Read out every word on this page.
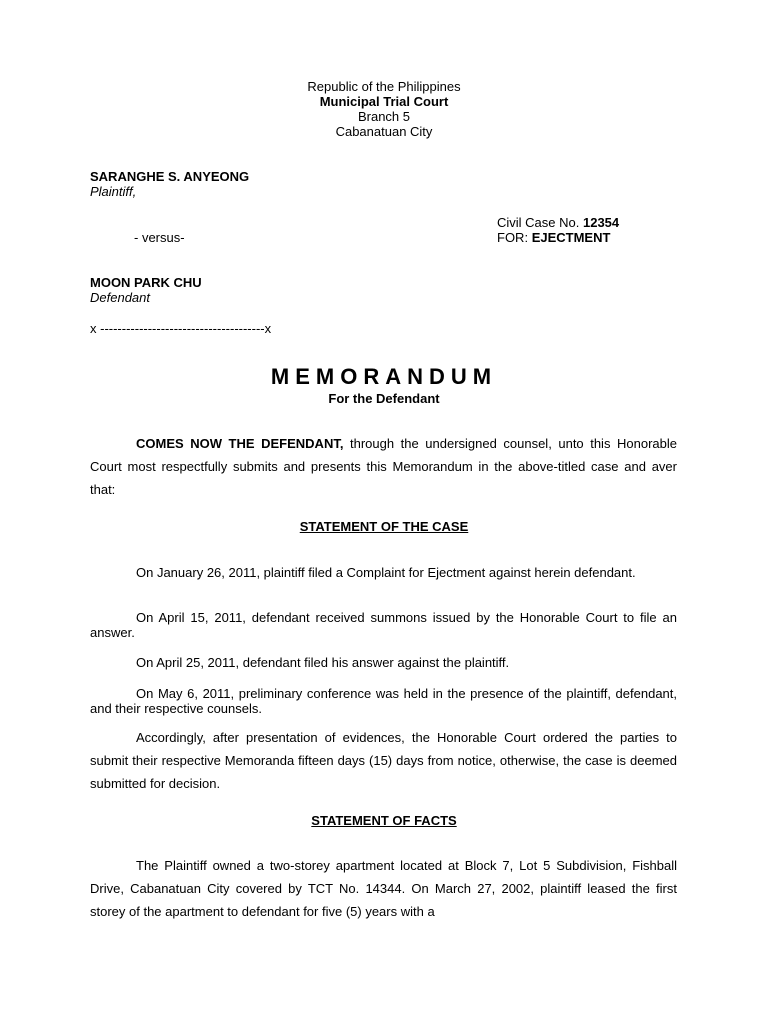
Republic of the Philippines
Municipal Trial Court
Branch 5
Cabanatuan City
SARANGHE S. ANYEONG
Plaintiff,
Civil Case No. 12354
- versus-	FOR: EJECTMENT
MOON PARK CHU
Defendant
x --------------------------------------x
MEMORANDUM
For the Defendant

COMES NOW THE DEFENDANT, through the undersigned counsel, unto this Honorable Court most respectfully submits and presents this Memorandum in the above-titled case and aver that:

STATEMENT OF THE CASE

On January 26, 2011, plaintiff filed a Complaint for Ejectment against herein defendant.

On April 15, 2011, defendant received summons issued by the Honorable Court to file an answer.

On April 25, 2011, defendant filed his answer against the plaintiff.

On May 6, 2011, preliminary conference was held in the presence of the plaintiff, defendant, and their respective counsels.

Accordingly, after presentation of evidences, the Honorable Court ordered the parties to submit their respective Memoranda fifteen days (15) days from notice, otherwise, the case is deemed submitted for decision.

STATEMENT OF FACTS

The Plaintiff owned a two-storey apartment located at Block 7, Lot 5 Subdivision, Fishball Drive, Cabanatuan City covered by TCT No. 14344. On March 27, 2002, plaintiff leased the first storey of the apartment to defendant for five (5) years with a
